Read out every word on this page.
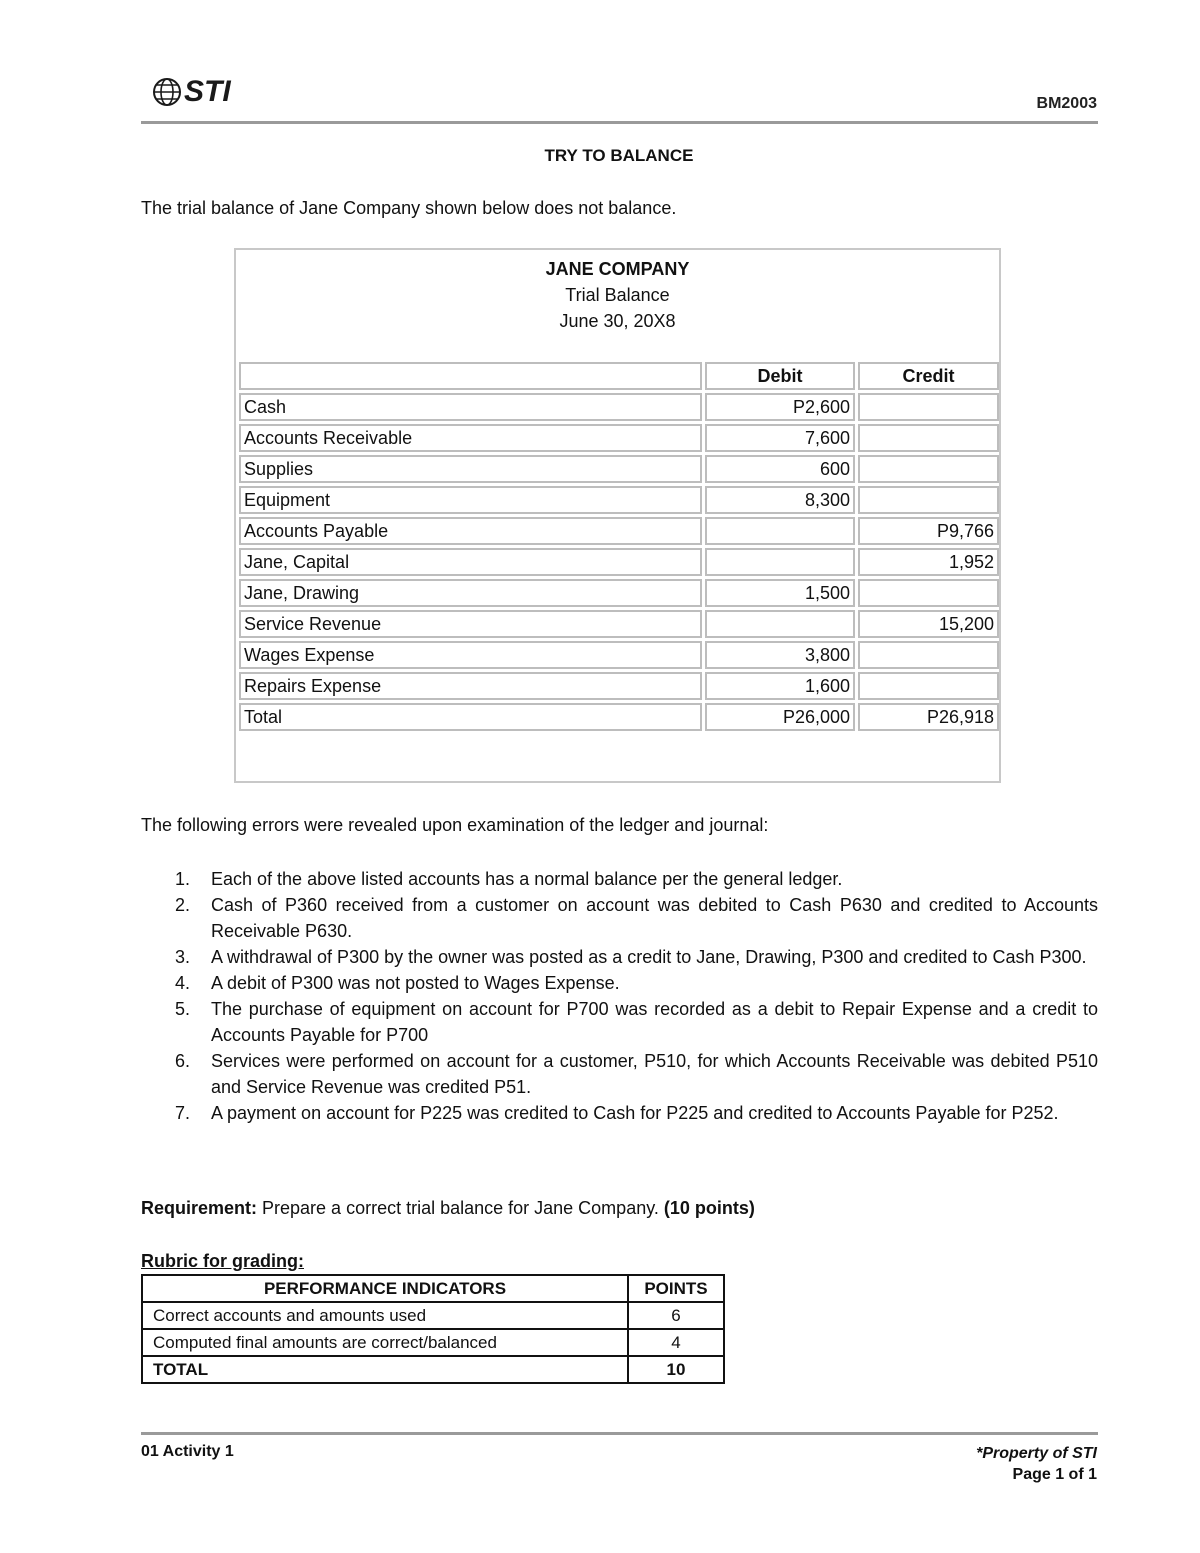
STI	BM2003
TRY TO BALANCE
The trial balance of Jane Company shown below does not balance.
JANE COMPANY
Trial Balance
June 30, 20X8
	Debit	Credit
Cash	P2,600	
Accounts Receivable	7,600	
Supplies	600	
Equipment	8,300	
Accounts Payable		P9,766
Jane, Capital		1,952
Jane, Drawing	1,500	
Service Revenue		15,200
Wages Expense	3,800	
Repairs Expense	1,600	
Total	P26,000	P26,918
The following errors were revealed upon examination of the ledger and journal:
1. Each of the above listed accounts has a normal balance per the general ledger.
2. Cash of P360 received from a customer on account was debited to Cash P630 and credited to Accounts Receivable P630.
3. A withdrawal of P300 by the owner was posted as a credit to Jane, Drawing, P300 and credited to Cash P300.
4. A debit of P300 was not posted to Wages Expense.
5. The purchase of equipment on account for P700 was recorded as a debit to Repair Expense and a credit to Accounts Payable for P700
6. Services were performed on account for a customer, P510, for which Accounts Receivable was debited P510 and Service Revenue was credited P51.
7. A payment on account for P225 was credited to Cash for P225 and credited to Accounts Payable for P252.
Requirement: Prepare a correct trial balance for Jane Company. (10 points)
Rubric for grading:
PERFORMANCE INDICATORS	POINTS
Correct accounts and amounts used	6
Computed final amounts are correct/balanced	4
TOTAL	10
01 Activity 1	*Property of STI
Page 1 of 1
